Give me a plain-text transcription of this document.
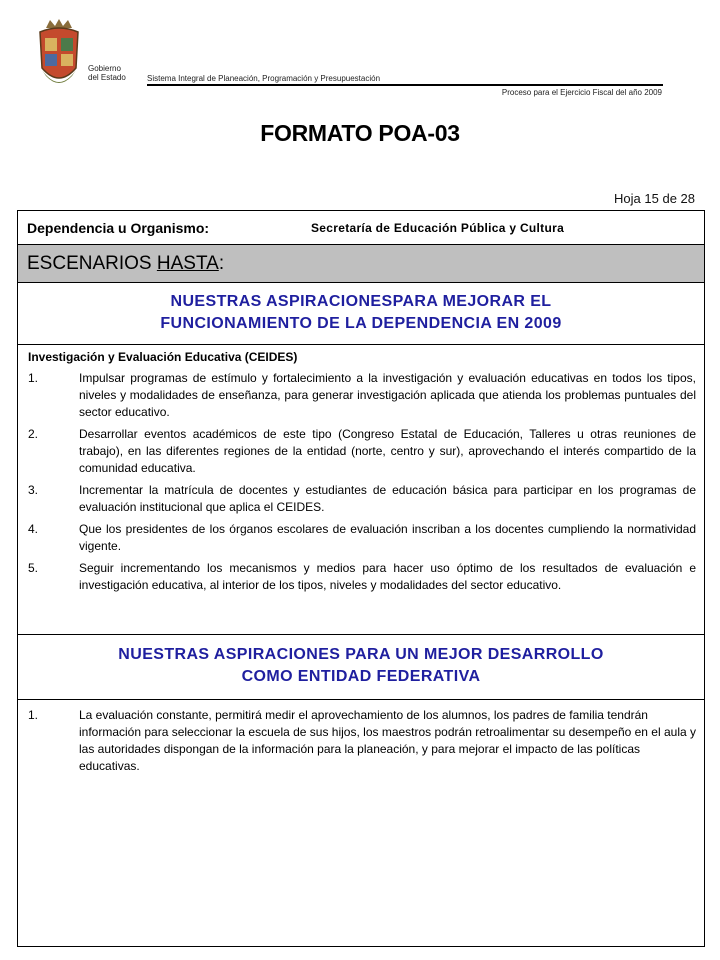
Gobierno
del Estado	Sistema Integral de Planeación, Programación y Presupuestación
Proceso para el Ejercicio Fiscal del año 2009
FORMATO POA-03
Hoja 15 de 28
Dependencia u Organismo:	Secretaría de Educación Pública y Cultura
ESCENARIOS
HASTA :
NUESTRAS ASPIRACIONESPARA MEJORAR EL
FUNCIONAMIENTO DE LA DEPENDENCIA EN 2009
Investigación y Evaluación Educativa (CEIDES)
1.	Impulsar programas de estímulo y fortalecimiento a la investigación y evaluación educativas en todos los tipos, niveles y modalidades de enseñanza, para generar investigación aplicada que atienda los problemas puntuales del sector educativo.
2.	Desarrollar eventos académicos de este tipo (Congreso Estatal de Educación, Talleres u otras reuniones de trabajo), en las diferentes regiones de la entidad (norte, centro y sur), aprovechando el interés compartido de la comunidad educativa.
3.	Incrementar la matrícula de docentes y estudiantes de educación básica para participar en los programas de evaluación institucional que aplica el CEIDES.
4.	Que los presidentes de los órganos escolares de evaluación inscriban a los docentes cumpliendo la normatividad vigente.
5.	Seguir incrementando los mecanismos y medios para hacer uso óptimo de los resultados de evaluación e investigación educativa, al interior de los tipos, niveles y modalidades del sector educativo.
NUESTRAS ASPIRACIONES PARA UN MEJOR DESARROLLO
COMO ENTIDAD FEDERATIVA
1.	La evaluación constante, permitirá medir el aprovechamiento de los alumnos, los padres de familia tendrán información para seleccionar la escuela de sus hijos, los maestros podrán retroalimentar su desempeño en el aula y las autoridades dispongan de la información para la planeación, y para mejorar el impacto de las políticas educativas.
